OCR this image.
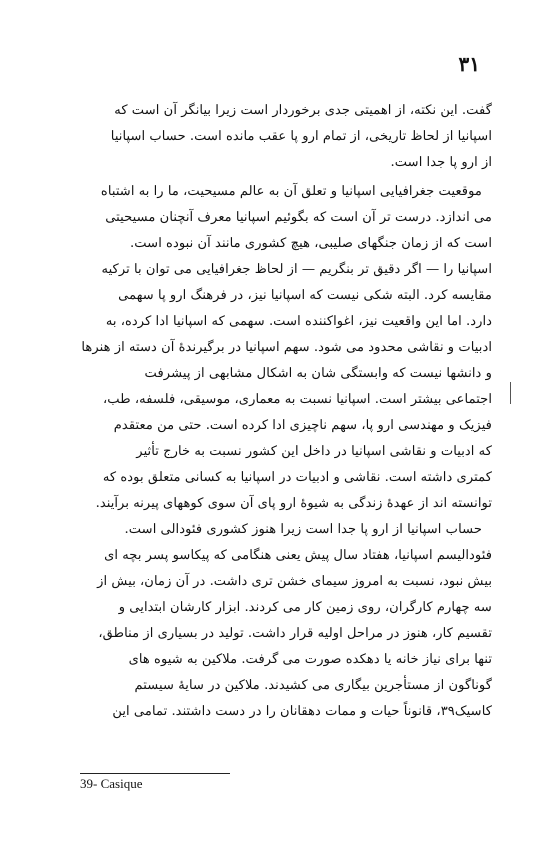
۳۱
گفت. این نکته، از اهمیتی جدی برخوردار است زیرا بیانگر آن است که
اسپانیا از لحاظ تاریخی، از تمام ارو پا عقب مانده است. حساب اسپانیا
از ارو پا جدا است.
موقعیت جغرافیایی اسپانیا و تعلق آن به عالم مسیحیت، ما را به اشتباه
می اندازد. درست تر آن است که بگوئیم اسپانیا معرف آنچنان مسیحیتی
است که از زمان جنگهای صلیبی، هیچ کشوری مانند آن نبوده است.
اسپانیا را — اگر دقیق تر بنگریم — از لحاظ جغرافیایی می توان با ترکیه
مقایسه کرد. البته شکی نیست که اسپانیا نیز، در فرهنگ ارو پا سهمی
دارد. اما این واقعیت نیز، اغواکننده است. سهمی که اسپانیا ادا کرده، به
ادبیات و نقاشی محدود می شود. سهم اسپانیا در برگیرندهٔ آن دسته از هنرها
و دانشها نیست که وابستگی شان به اشکال مشابهی از پیشرفت
اجتماعی بیشتر است. اسپانیا نسبت به معماری، موسیقی، فلسفه، طب،
فیزیک و مهندسی ارو پا، سهم ناچیزی ادا کرده است. حتی من معتقدم
که ادبیات و نقاشی اسپانیا در داخل این کشور نسبت به خارج تأثیر
کمتری داشته است. نقاشی و ادبیات در اسپانیا به کسانی متعلق بوده که
توانسته اند از عهدهٔ زندگی به شیوهٔ ارو پای آن سوی کوههای پیرنه برآیند.
حساب اسپانیا از ارو پا جدا است زیرا هنوز کشوری فئودالی است.
فئودالیسم اسپانیا، هفتاد سال پیش یعنی هنگامی که پیکاسو پسر بچه ای
بیش نبود، نسبت به امروز سیمای خشن تری داشت. در آن زمان، بیش از
سه چهارم کارگران، روی زمین کار می کردند. ابزار کارشان ابتدایی و
تقسیم کار، هنوز در مراحل اولیه قرار داشت. تولید در بسیاری از مناطق،
تنها برای نیاز خانه یا دهکده صورت می گرفت. ملاکین به شیوه های
گوناگون از مستأجرین بیگاری می کشیدند. ملاکین در سایهٔ سیستم
کاسیک۳۹، قانوناً حیات و ممات دهقانان را در دست داشتند. تمامی این
39- Casique
